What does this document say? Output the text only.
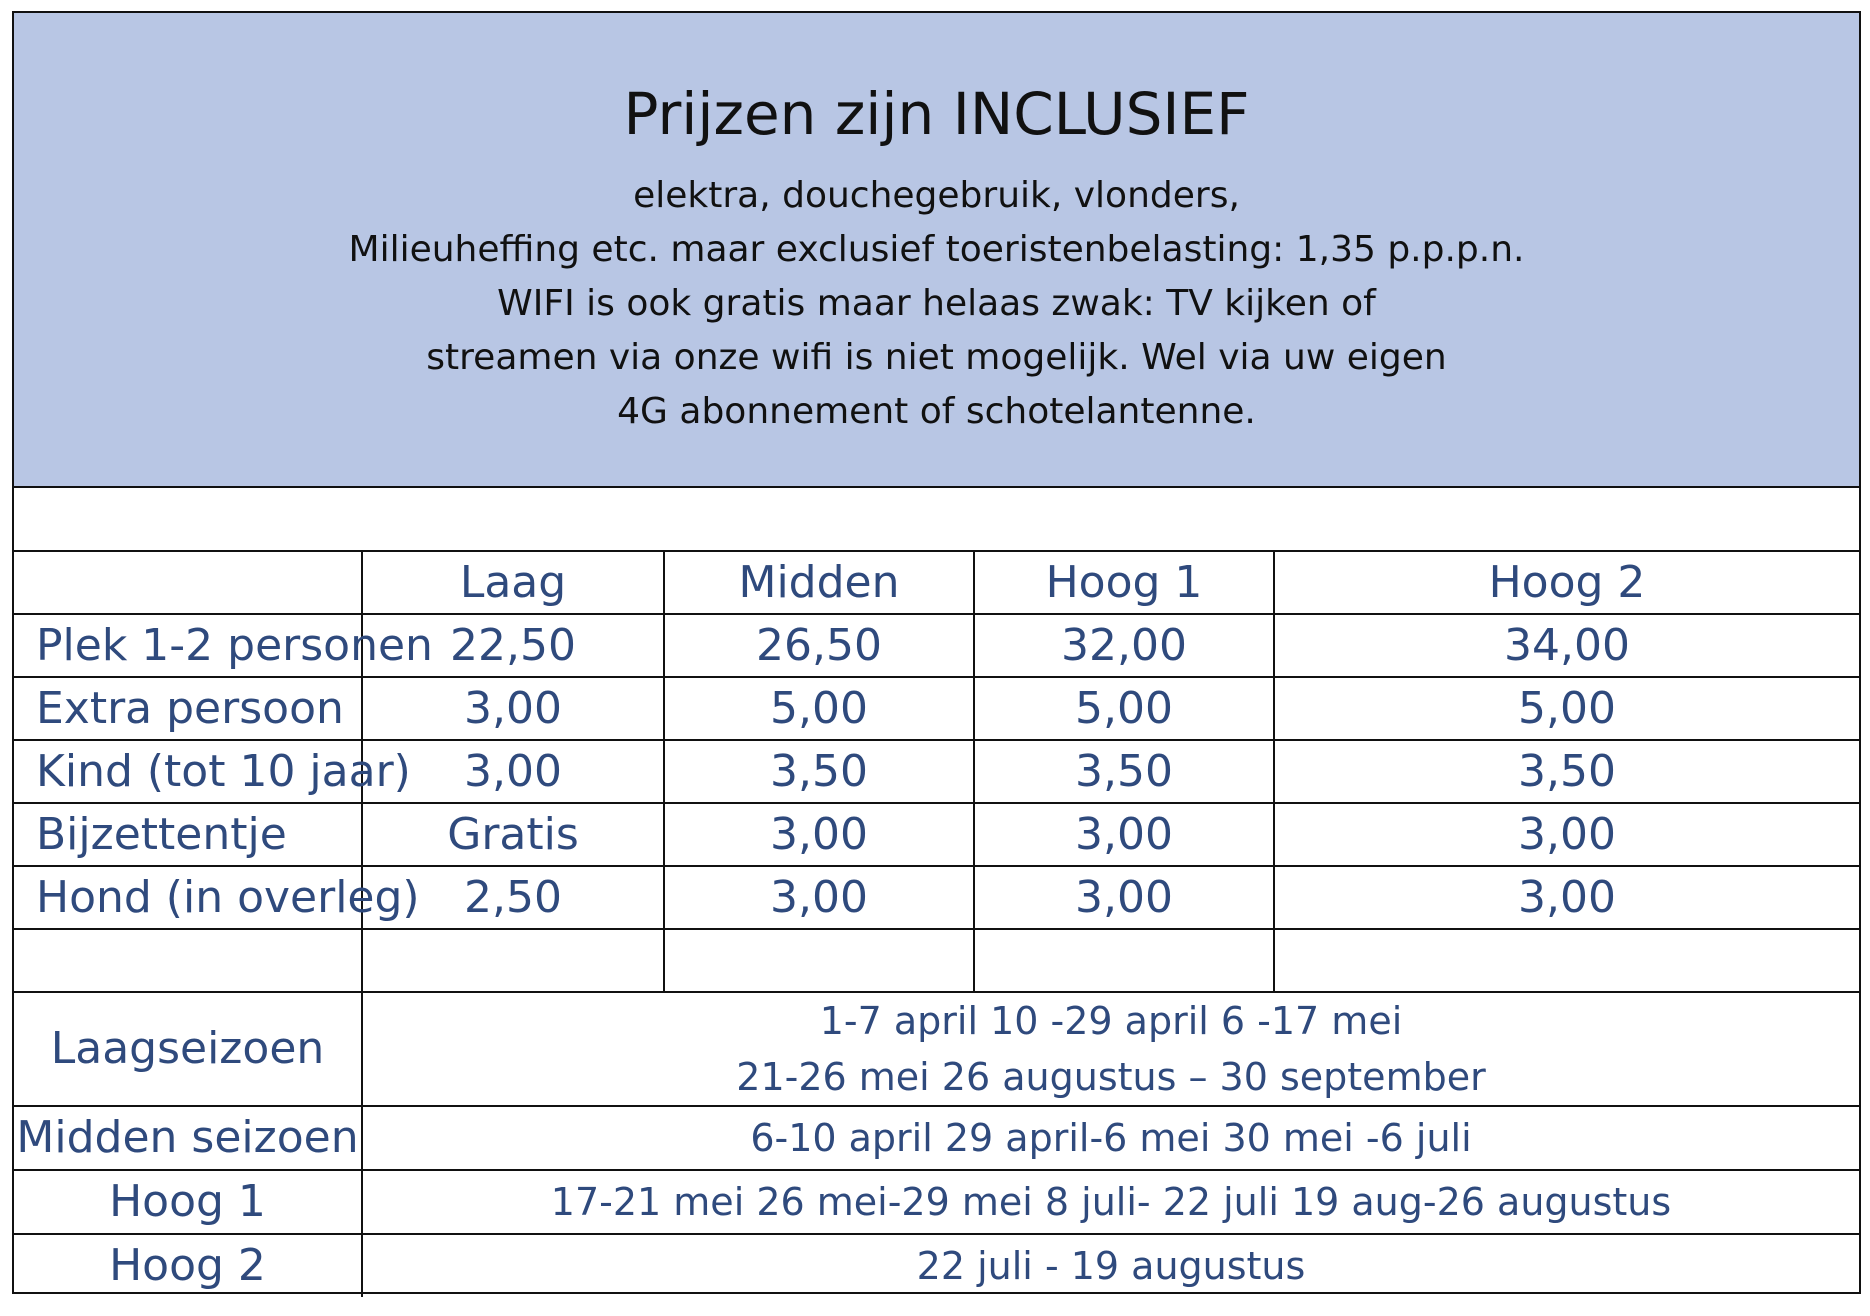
Prijzen zijn INCLUSIEF
elektra, douchegebruik, vlonders,
Milieuheffing etc. maar exclusief toeristenbelasting: 1,35 p.p.p.n.
WIFI is ook gratis maar helaas zwak: TV kijken of
streamen via onze wifi is niet mogelijk. Wel via uw eigen
4G abonnement of schotelantenne.
	Laag	Midden	Hoog 1	Hoog 2
Plek 1-2 personen	22,50	26,50	32,00	34,00
Extra persoon	3,00	5,00	5,00	5,00
Kind (tot 10 jaar)	3,00	3,50	3,50	3,50
Bijzettentje	Gratis	3,00	3,00	3,00
Hond (in overleg)	2,50	3,00	3,00	3,00

Laagseizoen	1-7 april 10 -29 april 6 -17 mei
21-26 mei 26 augustus – 30 september			

Midden seizoen	6-10 april 29 april-6 mei 30 mei -6 juli			

Hoog 1	17-21 mei 26 mei-29 mei 8 juli- 22 juli 19 aug-26 augustus			

Hoog 2	22 juli - 19 augustus			
